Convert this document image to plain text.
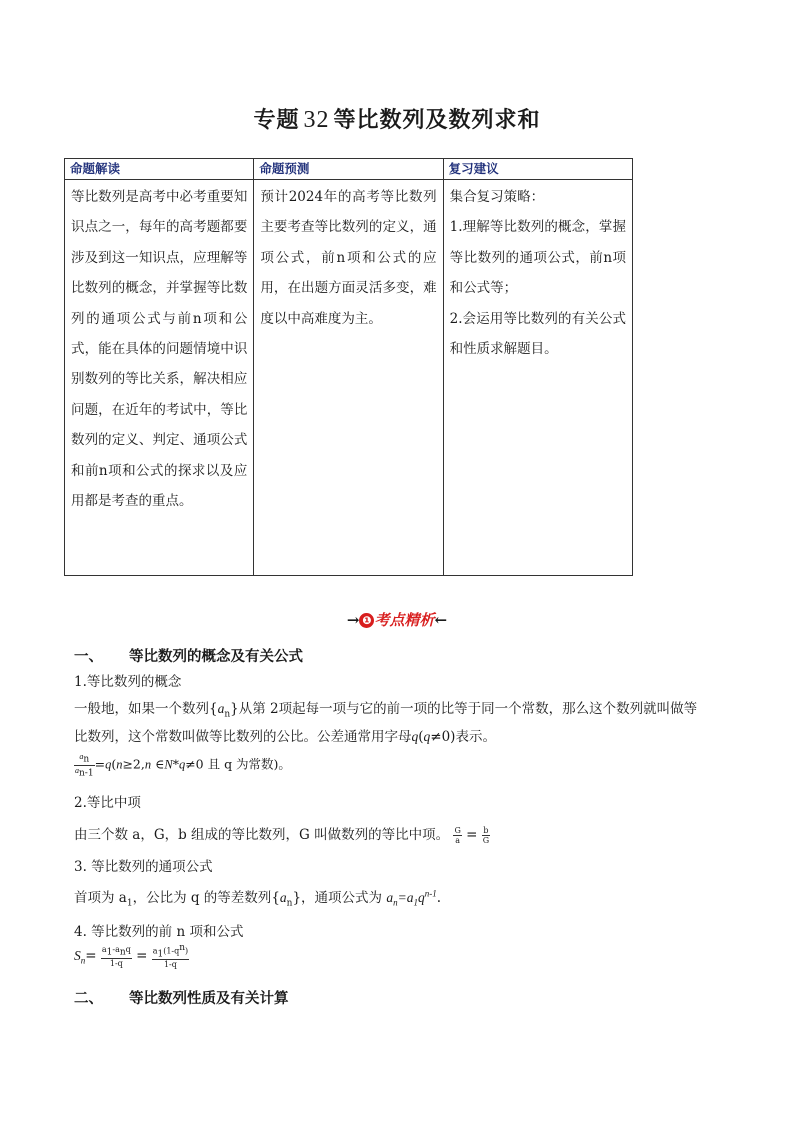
专题 32 等比数列及数列求和
命题解读	命题预测	复习建议

等比数列是高考中必考重要知识点之一，每年的高考题都要涉及到这一知识点，应理解等比数列的概念，并掌握等比数列的通项公式与前n项和公式，能在具体的问题情境中识别数列的等比关系，解决相应问题，在近年的考试中，等比数列的定义、判定、通项公式和前n项和公式的探求以及应用都是考查的重点。	预计2024年的高考等比数列主要考查等比数列的定义，通项公式，前n项和公式的应用，在出题方面灵活多变，难度以中高难度为主。	集合复习策略：
1.理解等比数列的概念，掌握等比数列的通项公式，前n项和公式等；
2.会运用等比数列的有关公式和性质求解题目。
→ ❶ 考点精析←
一、 等比数列的概念及有关公式
1.等比数列的概念
一般地，如果一个数列$\{a_n\}$从第 2项起每一项与它的前一项的比等于同一个常数，那么这个数列就叫做等
比数列，这个常数叫做等比数列的公比。公差通常用字母q(q≠0)表示。
$\frac{a_n}{a_{n-1}} =q(n\ge 2,n$ ∈N*q≠0 且 q 为常数)。
2.等比中项
由三个数 a，G，b 组成的等比数列，G 叫做数列的等比中项。 $\frac{G}{a} = \frac{b}{G}$
3. 等比数列的通项公式
首项为 $a_1$，公比为 q 的等差数列$\{a_n\}$，通项公式为 $a_n=a_1q^{n-1}$.
4. 等比数列的前 n 项和公式
$S_n= \frac{a_1-a_nq}{1-q} = \frac{a_1(1-q^n)}{1-q}$
二、 等比数列性质及有关计算
